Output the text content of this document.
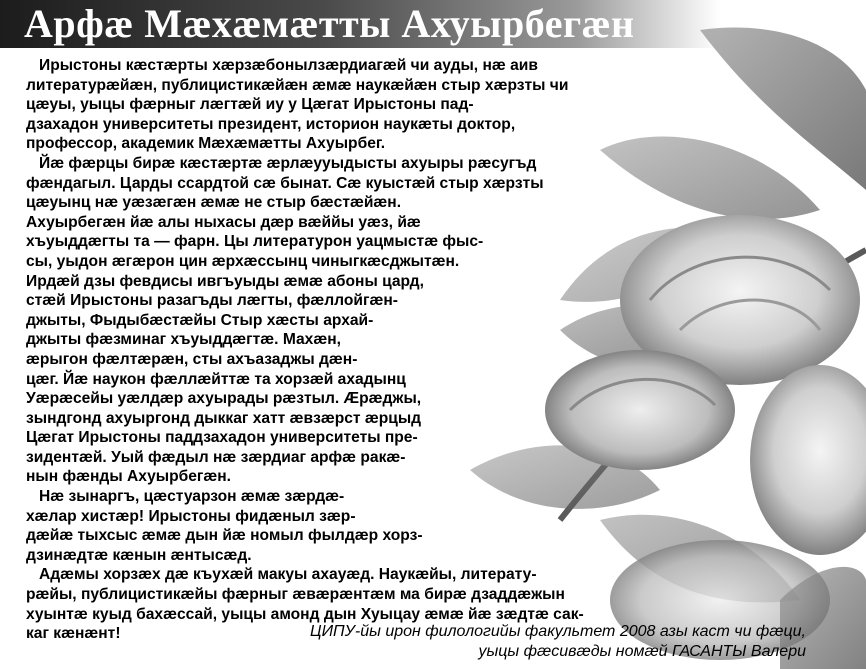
Арфæ Мæхæмæтты Ахуырбегæн
Ирыстоны кæстæрты хæрзæбонылзæрдиагæй чи ауды, нæ аив
литературæйæн, публицистикæйæн æмæ наукæйæн стыр хæрзты чи
цæуы, уыцы фæрныг лæгтæй иу у Цæгат Ирыстоны пад-
дзахадон университеты президент, историон наукæты доктор,
профессор, академик Мæхæмæтты Ахуырбег.
Йæ фæрцы бирæ кæстæртæ æрлæууыдысты ахуыры рæсугъд
фæндагыл. Царды ссардтой сæ бынат. Сæ куыстæй стыр хæрзты
цæуынц нæ уæзæгæн æмæ не стыр бæстæйæн.
Ахуырбегæн йæ алы ныхасы дæр вæййы уæз, йæ
хъуыддæгты та — фарн. Цы литературон уацмыстæ фыс-
сы, уыдон æгæрон цин æрхæссынц чиныгкæсджытæн.
Ирдæй дзы февдисы ивгъуыды æмæ абоны цард,
стæй Ирыстоны разагъды лæгты, фæллойгæн-
джыты, Фыдыбæстæйы Стыр хæсты архай-
джыты фæзминаг хъуыддæгтæ. Махæн,
æрыгон фæлтæрæн, сты ахъазаджы дæн-
цæг. Йæ наукон фæллæйттæ та хорзæй ахадынц
Уæрæсейы уæлдæр ахуырады рæзтыл. Æрæджы,
зындгонд ахуыргонд дыккаг хатт æвзæрст æрцыд
Цæгат Ирыстоны паддзахадон университеты пре-
зидентæй. Уый фæдыл нæ зæрдиаг арфæ ракæ-
нын фæнды Ахуырбегæн.
Нæ зынаргъ, цæстуарзон æмæ зæрдæ-
хæлар хистæр! Ирыстоны фидæныл зæр-
дæйæ тыхсыс æмæ дын йæ номыл фылдæр хорз-
дзинæдтæ кæнын æнтысæд.
Адæмы хорзæх дæ къухæй макуы ахауæд. Наукæйы, литерату-
рæйы, публицистикæйы фæрныг æвæрæнтæм ма бирæ дзаддæжын
хуынтæ куыд бахæссай, уыцы амонд дын Хуыцау æмæ йæ зæдтæ сак-
каг кæнæнт!	ЦИПУ-йы ирон филологийы факультет 2008 азы каст чи фæци,
уыцы фæсивæды номæй ГАСАНТЫ Валери
